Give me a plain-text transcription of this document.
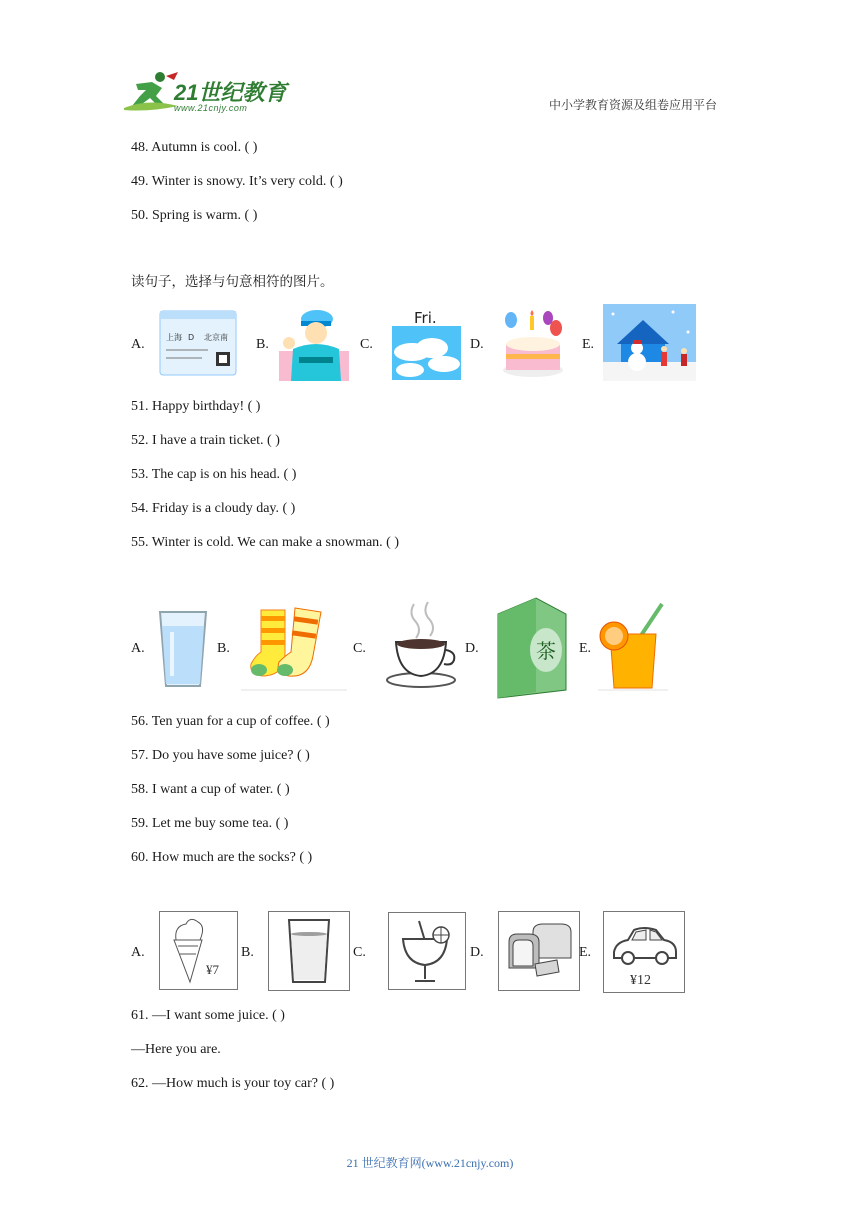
21世纪教育
www.21cnjy.com	中小学教育资源及组卷应用平台
48. Autumn is cool. ( )
49. Winter is snowy. It’s very cold. ( )
50. Spring is warm. ( )
读句子，选择与句意相符的图片。
A.	上海 D 北京南 B.	C.
Fri.
D.	E.
51. Happy birthday! ( )
52. I have a train ticket. ( )
53. The cap is on his head. ( )
54. Friday is a cloudy day. ( )
55. Winter is cold. We can make a snowman. ( )
A.	B.	C.	D.	茶 E.
56. Ten yuan for a cup of coffee. ( )
57. Do you have some juice? ( )
58. I want a cup of water. ( )
59. Let me buy some tea. ( )
60. How much are the socks? ( )
A.
¥7
B.	C.	D.	E.
¥12
61. —I want some juice. ( )
—Here you are.
62. —How much is your toy car? ( )
21 世纪教育网(www.21cnjy.com)
